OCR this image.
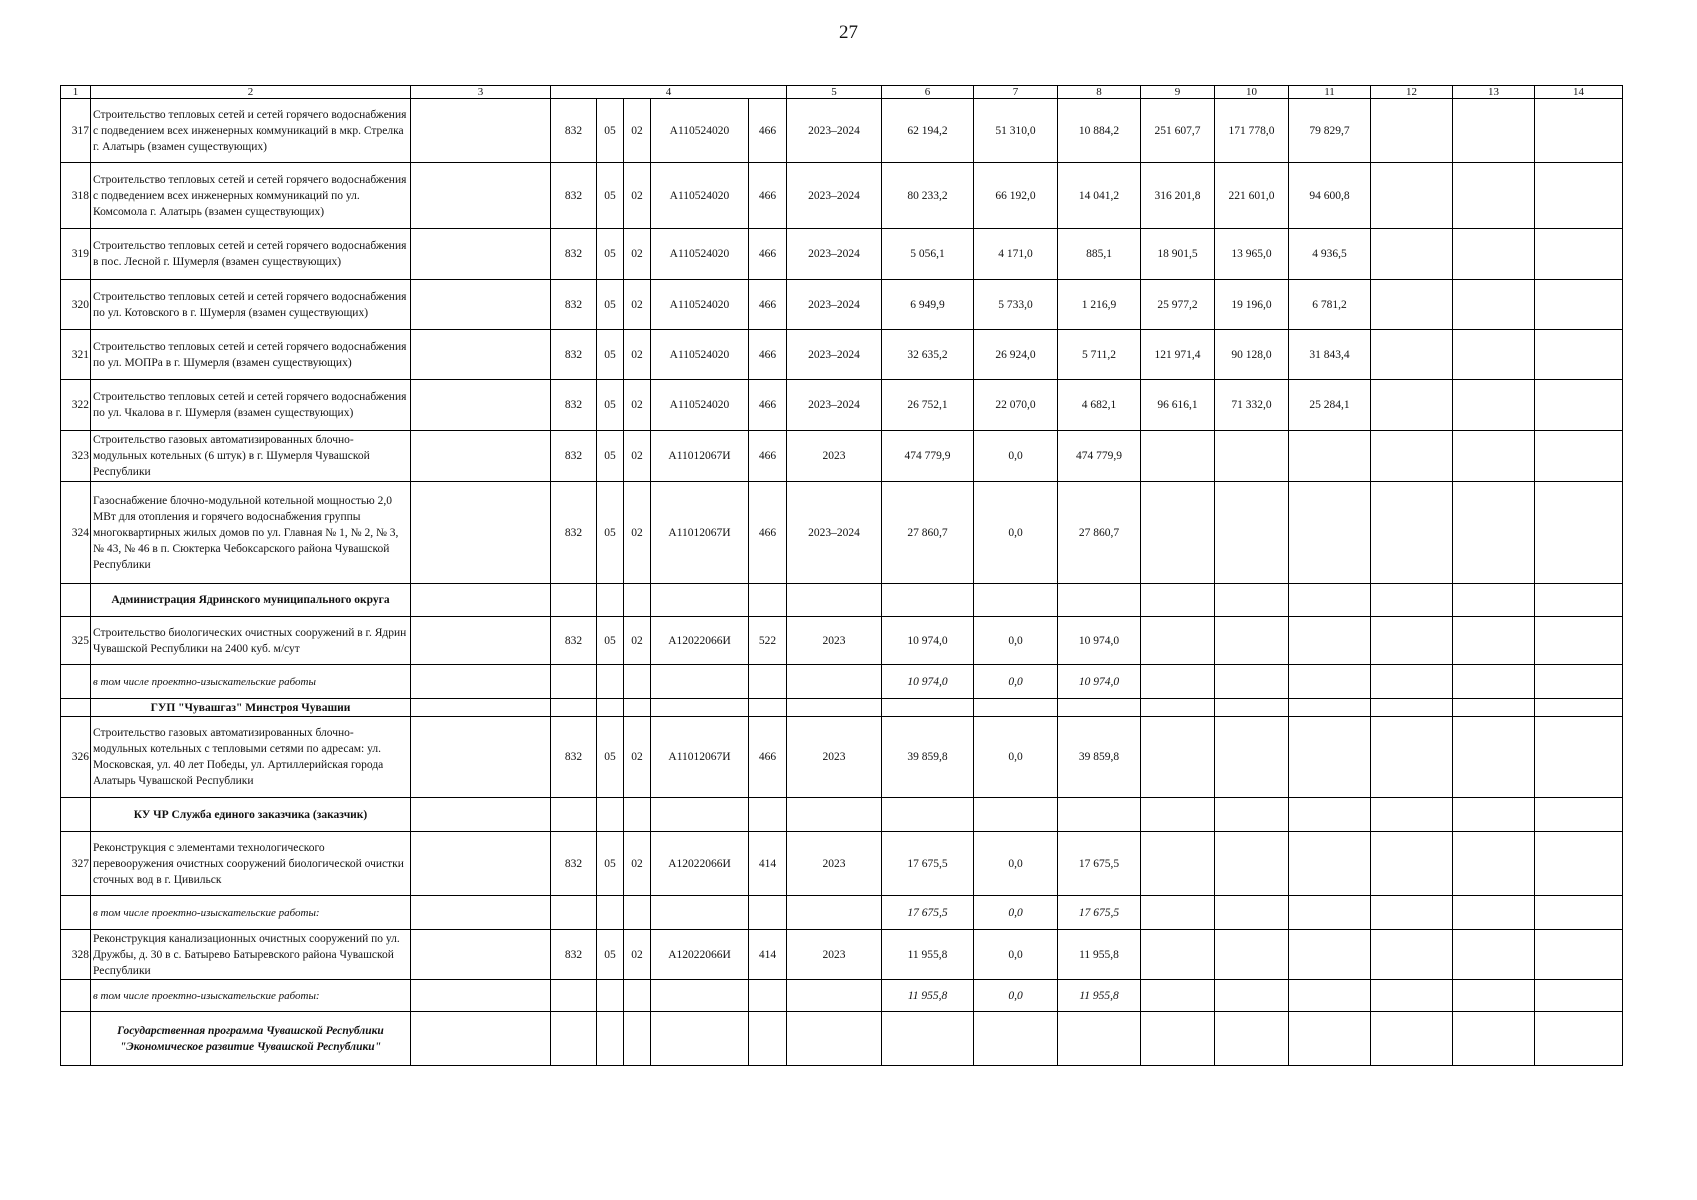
27
1	2	3	4					5	6	7	8	9	10	11	12	13	14
317	Строительство тепловых сетей и сетей горячего водоснабжения с подведением всех инженерных коммуникаций в мкр. Стрелка г. Алатырь (взамен существующих)		832	05	02	А110524020	466	2023–2024	62 194,2	51 310,0	10 884,2	251 607,7	171 778,0	79 829,7			
318	Строительство тепловых сетей и сетей горячего водоснабжения с подведением всех инженерных коммуникаций по ул. Комсомола г. Алатырь (взамен существующих)		832	05	02	А110524020	466	2023–2024	80 233,2	66 192,0	14 041,2	316 201,8	221 601,0	94 600,8			
319	Строительство тепловых сетей и сетей горячего водоснабжения в пос. Лесной г. Шумерля (взамен существующих)		832	05	02	А110524020	466	2023–2024	5 056,1	4 171,0	885,1	18 901,5	13 965,0	4 936,5			
320	Строительство тепловых сетей и сетей горячего водоснабжения по ул. Котовского в г. Шумерля (взамен существующих)		832	05	02	А110524020	466	2023–2024	6 949,9	5 733,0	1 216,9	25 977,2	19 196,0	6 781,2			
321	Строительство тепловых сетей и сетей горячего водоснабжения по ул. МОПРа в г. Шумерля (взамен существующих)		832	05	02	А110524020	466	2023–2024	32 635,2	26 924,0	5 711,2	121 971,4	90 128,0	31 843,4			
322	Строительство тепловых сетей и сетей горячего водоснабжения по ул. Чкалова в г. Шумерля (взамен существующих)		832	05	02	А110524020	466	2023–2024	26 752,1	22 070,0	4 682,1	96 616,1	71 332,0	25 284,1			
323	Строительство газовых автоматизированных блочно-модульных котельных (6 штук) в г. Шумерля Чувашской Республики		832	05	02	А11012067И	466	2023	474 779,9	0,0	474 779,9						
324	Газоснабжение блочно-модульной котельной мощностью 2,0 МВт для отопления и горячего водоснабжения группы многоквартирных жилых домов по ул. Главная № 1, № 2, № 3, № 43, № 46 в п. Сюктерка Чебоксарского района Чувашской Республики		832	05	02	А11012067И	466	2023–2024	27 860,7	0,0	27 860,7						
	Администрация Ядринского муниципального округа																
325	Строительство биологических очистных сооружений в г. Ядрин Чувашской Республики на 2400 куб. м/сут		832	05	02	А12022066И	522	2023	10 974,0	0,0	10 974,0						
	в том числе проектно-изыскательские работы								10 974,0	0,0	10 974,0						
	ГУП "Чувашгаз" Минстроя Чувашии																
326	Строительство газовых автоматизированных блочно-модульных котельных с тепловыми сетями по адресам: ул. Московская, ул. 40 лет Победы, ул. Артиллерийская города Алатырь Чувашской Республики		832	05	02	А11012067И	466	2023	39 859,8	0,0	39 859,8						
	КУ ЧР Служба единого заказчика (заказчик)																
327	Реконструкция с элементами технологического перевооружения очистных сооружений биологической очистки сточных вод в г. Цивильск		832	05	02	А12022066И	414	2023	17 675,5	0,0	17 675,5						
	в том числе проектно-изыскательские работы:								17 675,5	0,0	17 675,5						
328	Реконструкция канализационных очистных сооружений по ул. Дружбы, д. 30 в с. Батырево Батыревского района Чувашской Республики		832	05	02	А12022066И	414	2023	11 955,8	0,0	11 955,8						
	в том числе проектно-изыскательские работы:								11 955,8	0,0	11 955,8						
	Государственная программа Чувашской Республики "Экономическое развитие Чувашской Республики"																
